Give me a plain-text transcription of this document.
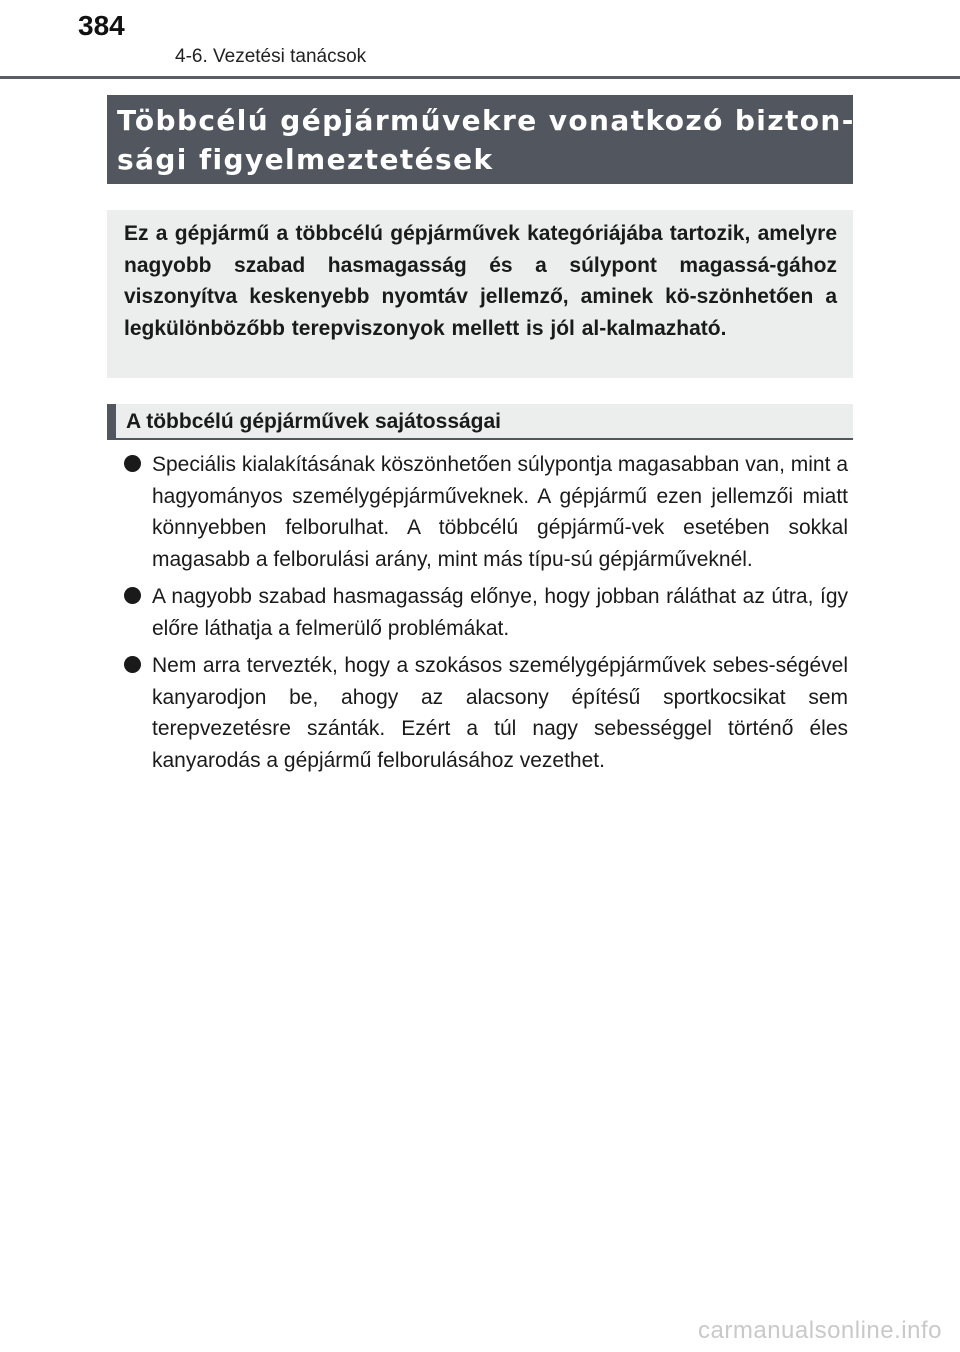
384
4-6. Vezetési tanácsok

Többcélú gépjárművekre vonatkozó bizton-
sági figyelmeztetések

Ez a gépjármű a többcélú gépjárművek kategóriájába tartozik, amelyre nagyobb szabad hasmagasság és a súlypont magassá-gához viszonyítva keskenyebb nyomtáv jellemző, aminek kö-szönhetően a legkülönbözőbb terepviszonyok mellett is jól al-kalmazható.

A többcélú gépjárművek sajátosságai
Speciális kialakításának köszönhetően súlypontja magasabban van, mint a hagyományos személygépjárműveknek. A gépjármű ezen jellemzői miatt könnyebben felborulhat. A többcélú gépjármű-vek esetében sokkal magasabb a felborulási arány, mint más típu-sú gépjárműveknél.
A nagyobb szabad hasmagasság előnye, hogy jobban ráláthat az útra, így előre láthatja a felmerülő problémákat.
Nem arra tervezték, hogy a szokásos személygépjárművek sebes-ségével kanyarodjon be, ahogy az alacsony építésű sportkocsikat sem terepvezetésre szánták. Ezért a túl nagy sebességgel történő éles kanyarodás a gépjármű felborulásához vezethet.
carmanualsonline.info
